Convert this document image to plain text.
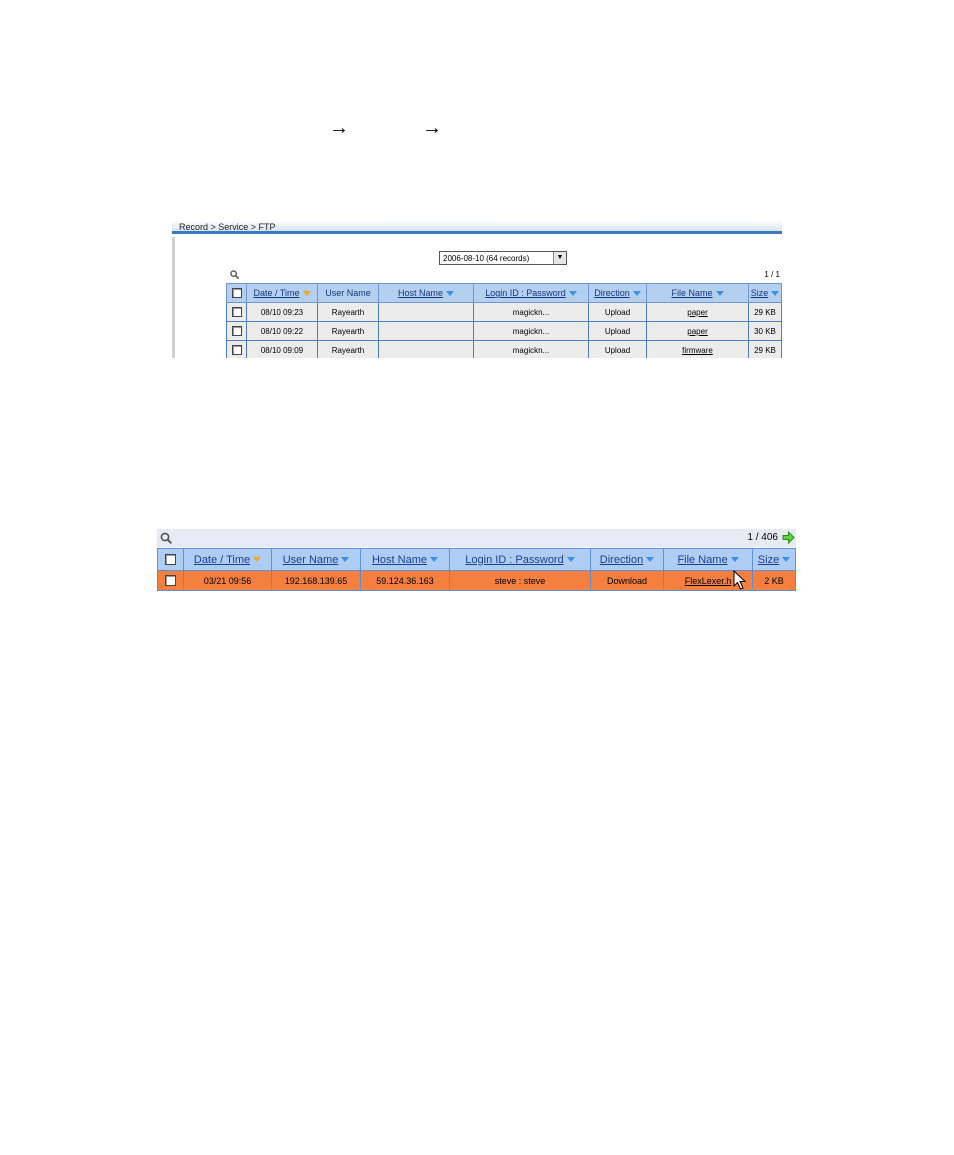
→	→
Record > Service > FTP
2006-08-10 (64 records)	▼
1 / 1
	Date / Time	User Name	Host Name	Login ID : Password	Direction	File Name	Size
	08/10 09:23	Rayearth		magickn...	Upload	paper	29 KB
	08/10 09:22	Rayearth		magickn...	Upload	paper	30 KB
	08/10 09:09	Rayearth		magickn...	Upload	firmware	29 KB
1 / 406
	Date / Time	User Name	Host Name	Login ID : Password	Direction	File Name	Size
	03/21 09:56	192.168.139.65	59.124.36.163	steve : steve	Download	FlexLexer.h	2 KB
